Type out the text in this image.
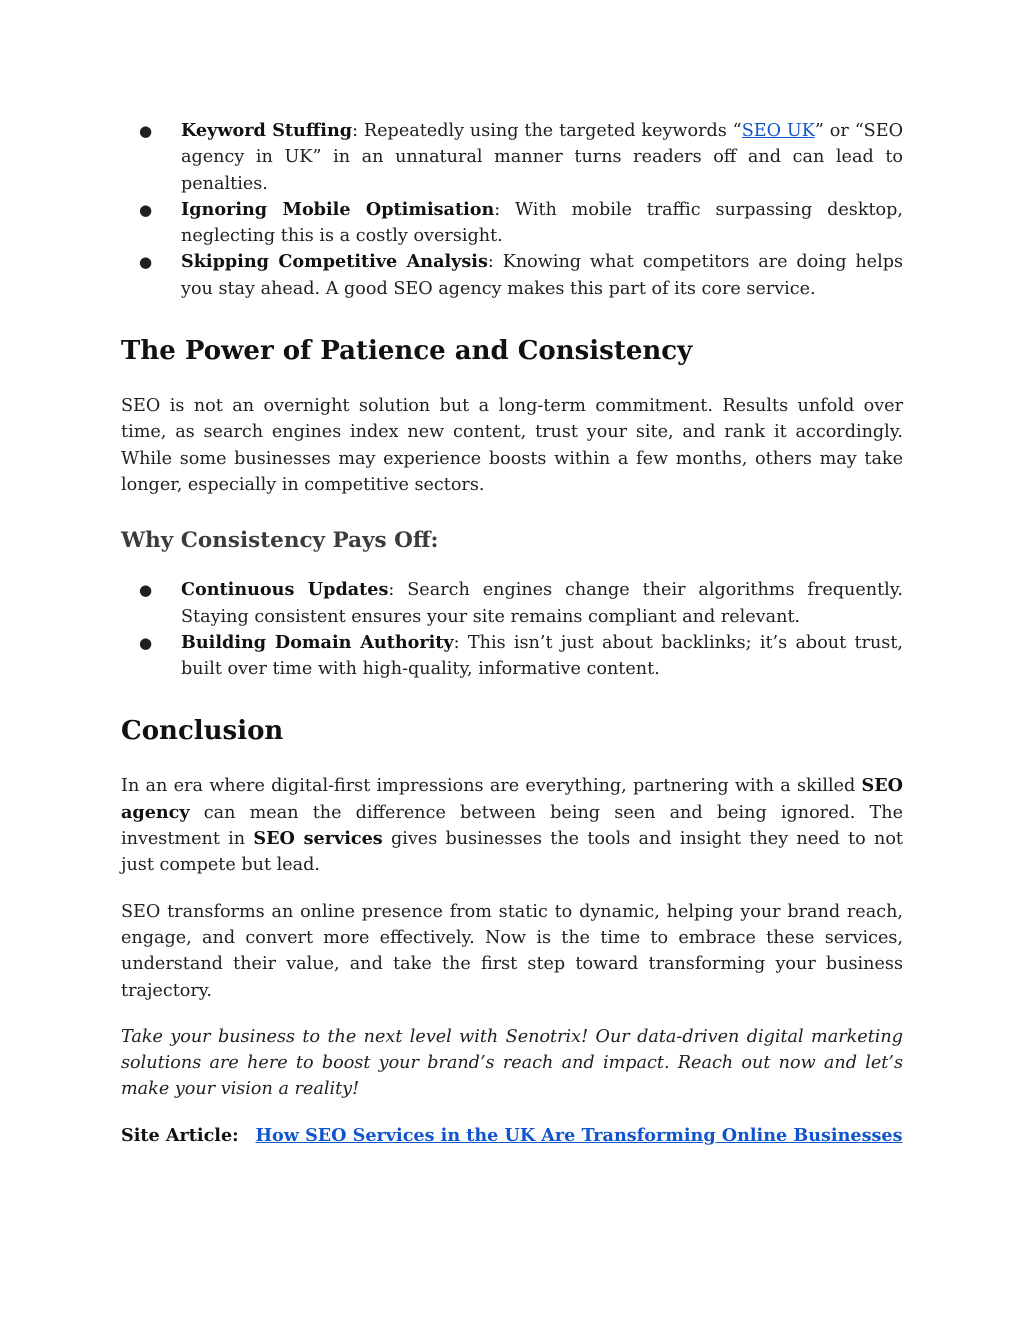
● Keyword Stuffing: Repeatedly using the targeted keywords “SEO UK” or “SEO agency in UK” in an unnatural manner turns readers off and can lead to penalties.
● Ignoring Mobile Optimisation: With mobile traffic surpassing desktop, neglecting this is a costly oversight.
● Skipping Competitive Analysis: Knowing what competitors are doing helps you stay ahead. A good SEO agency makes this part of its core service.
The Power of Patience and Consistency

SEO is not an overnight solution but a long-term commitment. Results unfold over time, as search engines index new content, trust your site, and rank it accordingly. While some businesses may experience boosts within a few months, others may take longer, especially in competitive sectors.

Why Consistency Pays Off:
● Continuous Updates: Search engines change their algorithms frequently. Staying consistent ensures your site remains compliant and relevant.
● Building Domain Authority: This isn’t just about backlinks; it’s about trust, built over time with high-quality, informative content.
Conclusion

In an era where digital-first impressions are everything, partnering with a skilled SEO agency can mean the difference between being seen and being ignored. The investment in SEO services gives businesses the tools and insight they need to not just compete but lead.

SEO transforms an online presence from static to dynamic, helping your brand reach, engage, and convert more effectively. Now is the time to embrace these services, understand their value, and take the first step toward transforming your business trajectory.

Take your business to the next level with Senotrix! Our data-driven digital marketing solutions are here to boost your brand’s reach and impact. Reach out now and let’s make your vision a reality!

Site Article: How SEO Services in the UK Are Transforming Online Businesses
